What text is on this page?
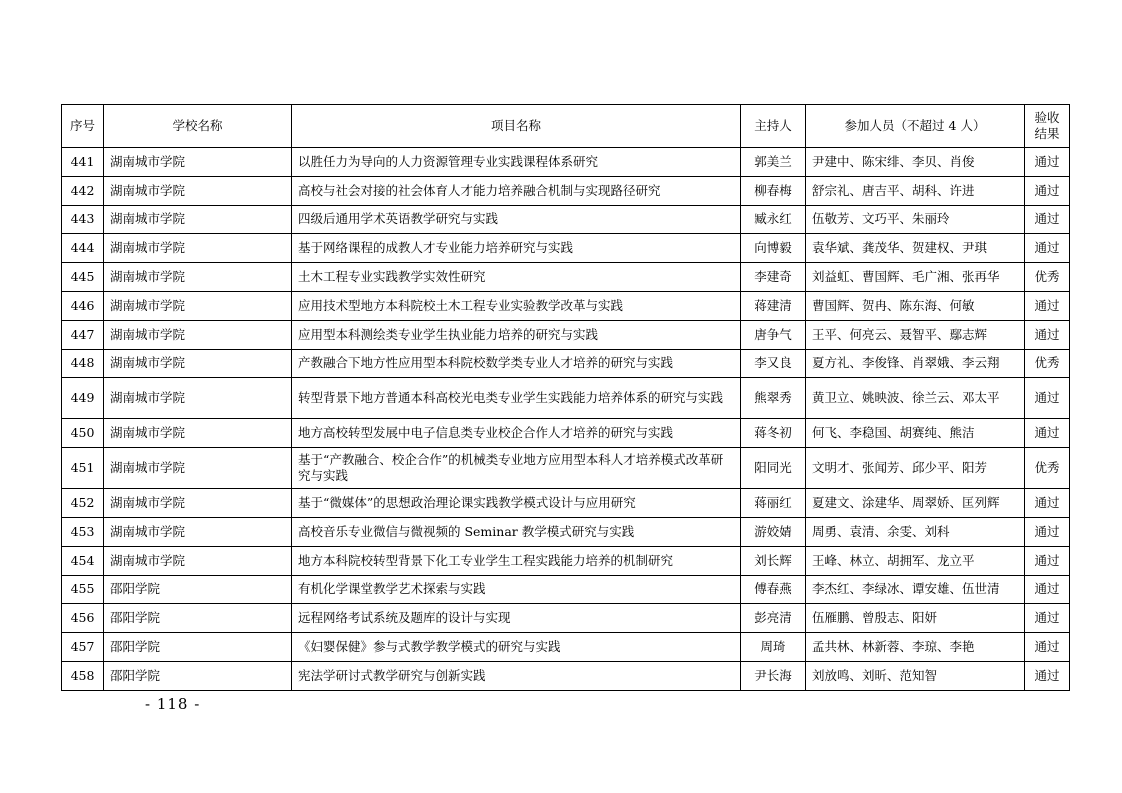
序号	学校名称	项目名称	主持人	参加人员（不超过 4 人）	验收结果
441	湖南城市学院	以胜任力为导向的人力资源管理专业实践课程体系研究	郭美兰	尹建中、陈宋绯、李贝、肖俊	通过
442	湖南城市学院	高校与社会对接的社会体育人才能力培养融合机制与实现路径研究	柳春梅	舒宗礼、唐吉平、胡科、许进	通过
443	湖南城市学院	四级后通用学术英语教学研究与实践	臧永红	伍敬芳、文巧平、朱丽玲	通过
444	湖南城市学院	基于网络课程的成教人才专业能力培养研究与实践	向博毅	袁华斌、龚茂华、贺建权、尹琪	通过
445	湖南城市学院	土木工程专业实践教学实效性研究	李建奇	刘益虹、曹国辉、毛广湘、张再华	优秀
446	湖南城市学院	应用技术型地方本科院校土木工程专业实验教学改革与实践	蒋建清	曹国辉、贺冉、陈东海、何敏	通过
447	湖南城市学院	应用型本科测绘类专业学生执业能力培养的研究与实践	唐争气	王平、何亮云、聂智平、鄢志辉	通过
448	湖南城市学院	产教融合下地方性应用型本科院校数学类专业人才培养的研究与实践	李又良	夏方礼、李俊锋、肖翠娥、李云翔	优秀
449	湖南城市学院	转型背景下地方普通本科高校光电类专业学生实践能力培养体系的研究与实践	熊翠秀	黄卫立、姚映波、徐兰云、邓太平	通过
450	湖南城市学院	地方高校转型发展中电子信息类专业校企合作人才培养的研究与实践	蒋冬初	何飞、李稳国、胡赛纯、熊洁	通过
451	湖南城市学院	基于“产教融合、校企合作”的机械类专业地方应用型本科人才培养模式改革研究与实践	阳同光	文明才、张闻芳、邱少平、阳芳	优秀
452	湖南城市学院	基于“微媒体”的思想政治理论课实践教学模式设计与应用研究	蒋丽红	夏建文、涂建华、周翠娇、匡列辉	通过
453	湖南城市学院	高校音乐专业微信与微视频的 Seminar 教学模式研究与实践	游姣婧	周勇、袁清、余雯、刘科	通过
454	湖南城市学院	地方本科院校转型背景下化工专业学生工程实践能力培养的机制研究	刘长辉	王峰、林立、胡拥军、龙立平	通过
455	邵阳学院	有机化学课堂教学艺术探索与实践	傅春燕	李杰红、李绿冰、谭安雄、伍世清	通过
456	邵阳学院	远程网络考试系统及题库的设计与实现	彭亮清	伍雁鹏、曾殷志、阳妍	通过
457	邵阳学院	《妇婴保健》参与式教学教学模式的研究与实践	周琦	孟共林、林新蓉、李琼、李艳	通过
458	邵阳学院	宪法学研讨式教学研究与创新实践	尹长海	刘放鸣、刘昕、范知智	通过
- 118 -
